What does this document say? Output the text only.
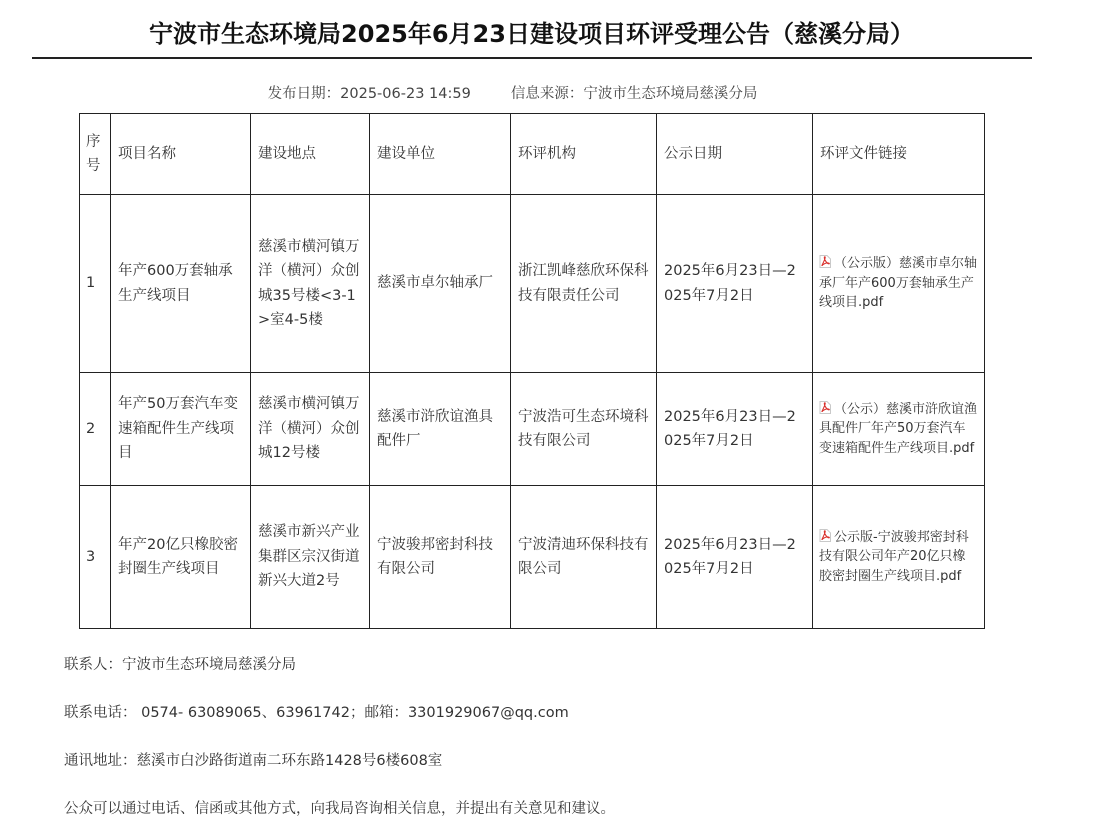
宁波市生态环境局2025年6月23日建设项目环评受理公告（慈溪分局）
发布日期：2025-06-23 14:59	信息来源：宁波市生态环境局慈溪分局
序号	项目名称	建设地点	建设单位	环评机构	公示日期	环评文件链接
1	年产600万套轴承生产线项目	慈溪市横河镇万洋（横河）众创城35号楼<3-1>室4-5楼	慈溪市卓尔轴承厂	浙江凯峰慈欣环保科技有限责任公司	2025年6月23日—2025年7月2日	（公示版）慈溪市卓尔轴承厂年产600万套轴承生产线项目.pdf
2	年产50万套汽车变速箱配件生产线项目	慈溪市横河镇万洋（横河）众创城12号楼	慈溪市浒欣谊渔具配件厂	宁波浩可生态环境科技有限公司	2025年6月23日—2025年7月2日	（公示）慈溪市浒欣谊渔具配件厂年产50万套汽车变速箱配件生产线项目.pdf
3	年产20亿只橡胶密封圈生产线项目	慈溪市新兴产业集群区宗汉街道新兴大道2号	宁波骏邦密封科技有限公司	宁波清迪环保科技有限公司	2025年6月23日—2025年7月2日	公示版-宁波骏邦密封科技有限公司年产20亿只橡胶密封圈生产线项目.pdf

联系人：宁波市生态环境局慈溪分局

联系电话： 0574- 63089065、63961742；邮箱：3301929067@qq.com

通讯地址：慈溪市白沙路街道南二环东路1428号6楼608室

公众可以通过电话、信函或其他方式，向我局咨询相关信息，并提出有关意见和建议。
